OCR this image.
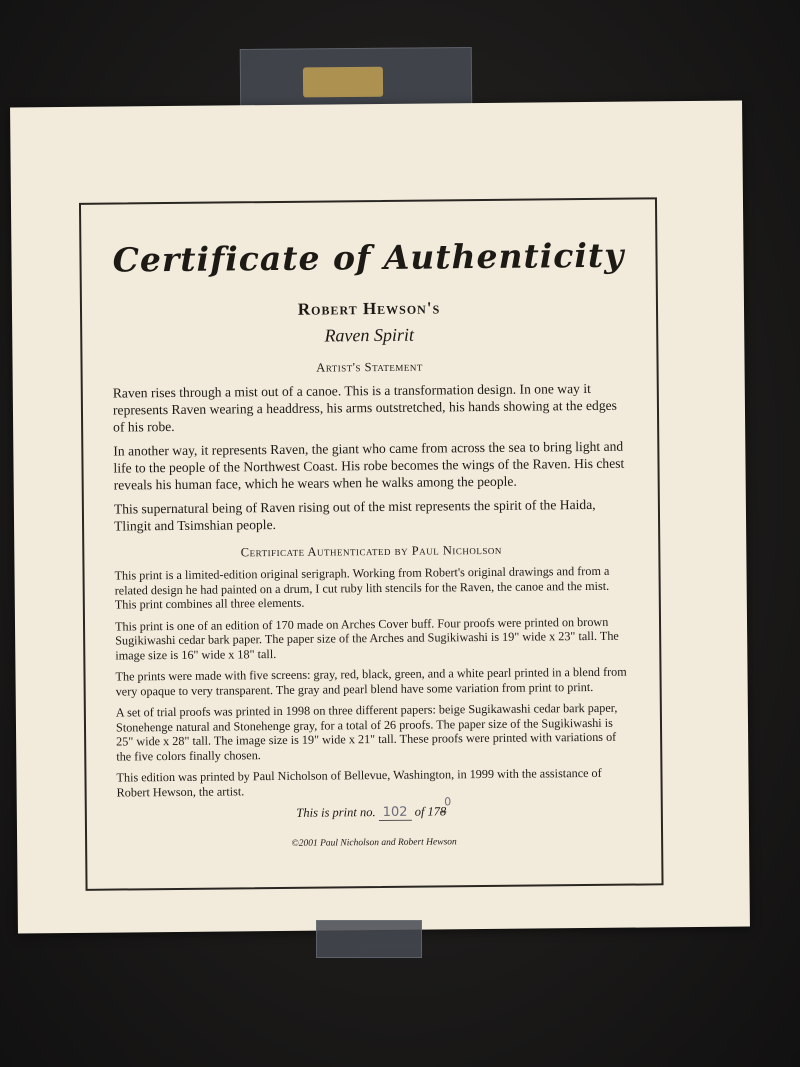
Certificate of Authenticity
Robert Hewson's
Raven Spirit
Artist's Statement

Raven rises through a mist out of a canoe. This is a transformation design. In one way it represents Raven wearing a headdress, his arms outstretched, his hands showing at the edges of his robe.

In another way, it represents Raven, the giant who came from across the sea to bring light and life to the people of the Northwest Coast. His robe becomes the wings of the Raven. His chest reveals his human face, which he wears when he walks among the people.

This supernatural being of Raven rising out of the mist represents the spirit of the Haida, Tlingit and Tsimshian people.

Certificate Authenticated by Paul Nicholson

This print is a limited-edition original serigraph. Working from Robert's original drawings and from a related design he had painted on a drum, I cut ruby lith stencils for the Raven, the canoe and the mist. This print combines all three elements.

This print is one of an edition of 170 made on Arches Cover buff. Four proofs were printed on brown Sugikiwashi cedar bark paper. The paper size of the Arches and Sugikiwashi is 19" wide x 23" tall. The image size is 16" wide x 18" tall.

The prints were made with five screens: gray, red, black, green, and a white pearl printed in a blend from very opaque to very transparent. The gray and pearl blend have some variation from print to print.

A set of trial proofs was printed in 1998 on three different papers: beige Sugikawashi cedar bark paper, Stonehenge natural and Stonehenge gray, for a total of 26 proofs. The paper size of the Sugikiwashi is 25" wide x 28" tall. The image size is 19" wide x 21" tall. These proofs were printed with variations of the five colors finally chosen.

This edition was printed by Paul Nicholson of Bellevue, Washington, in 1999 with the assistance of Robert Hewson, the artist.

This is print no. 102 of 1780
©2001 Paul Nicholson and Robert Hewson
